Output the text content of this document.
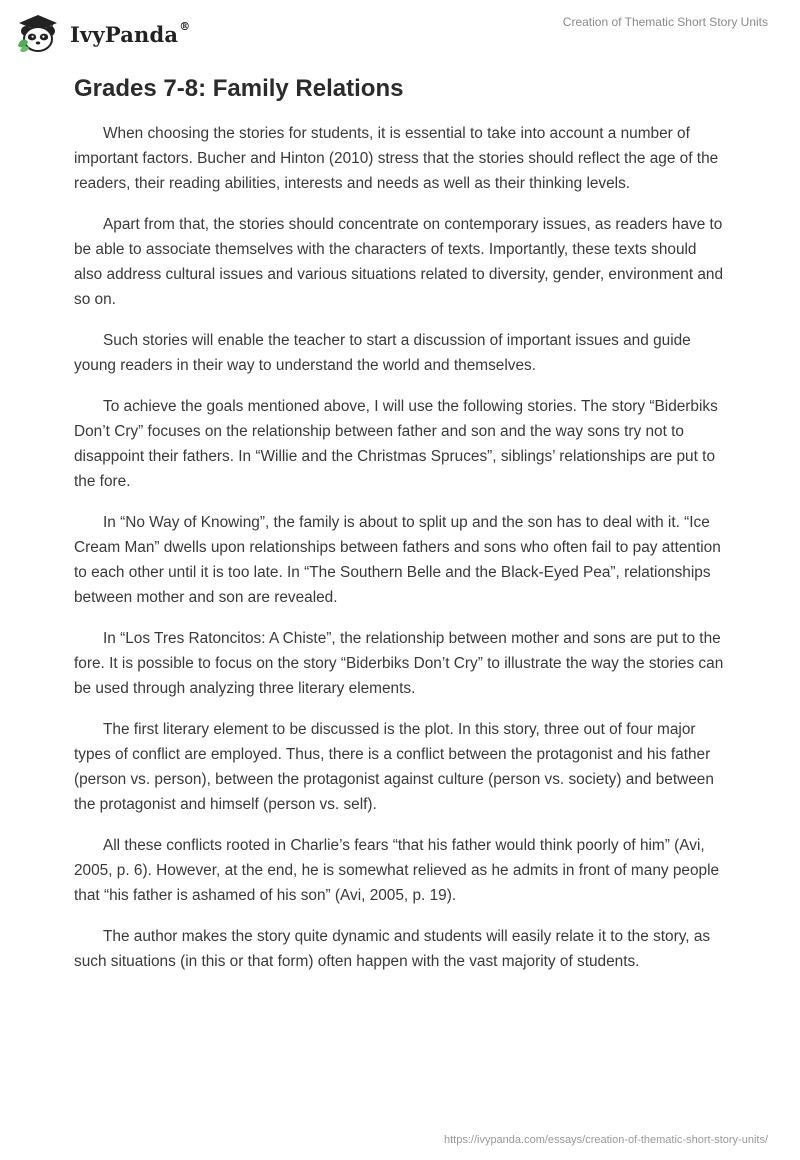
IvyPanda®	Creation of Thematic Short Story Units
Grades 7-8: Family Relations

When choosing the stories for students, it is essential to take into account a number of important factors. Bucher and Hinton (2010) stress that the stories should reflect the age of the readers, their reading abilities, interests and needs as well as their thinking levels.

Apart from that, the stories should concentrate on contemporary issues, as readers have to be able to associate themselves with the characters of texts. Importantly, these texts should also address cultural issues and various situations related to diversity, gender, environment and so on.

Such stories will enable the teacher to start a discussion of important issues and guide young readers in their way to understand the world and themselves.

To achieve the goals mentioned above, I will use the following stories. The story “Biderbiks Don’t Cry” focuses on the relationship between father and son and the way sons try not to disappoint their fathers. In “Willie and the Christmas Spruces”, siblings’ relationships are put to the fore.

In “No Way of Knowing”, the family is about to split up and the son has to deal with it. “Ice Cream Man” dwells upon relationships between fathers and sons who often fail to pay attention to each other until it is too late. In “The Southern Belle and the Black-Eyed Pea”, relationships between mother and son are revealed.

In “Los Tres Ratoncitos: A Chiste”, the relationship between mother and sons are put to the fore. It is possible to focus on the story “Biderbiks Don’t Cry” to illustrate the way the stories can be used through analyzing three literary elements.

The first literary element to be discussed is the plot. In this story, three out of four major types of conflict are employed. Thus, there is a conflict between the protagonist and his father (person vs. person), between the protagonist against culture (person vs. society) and between the protagonist and himself (person vs. self).

All these conflicts rooted in Charlie’s fears “that his father would think poorly of him” (Avi, 2005, p. 6). However, at the end, he is somewhat relieved as he admits in front of many people that “his father is ashamed of his son” (Avi, 2005, p. 19).

The author makes the story quite dynamic and students will easily relate it to the story, as such situations (in this or that form) often happen with the vast majority of students.

https://ivypanda.com/essays/creation-of-thematic-short-story-units/
